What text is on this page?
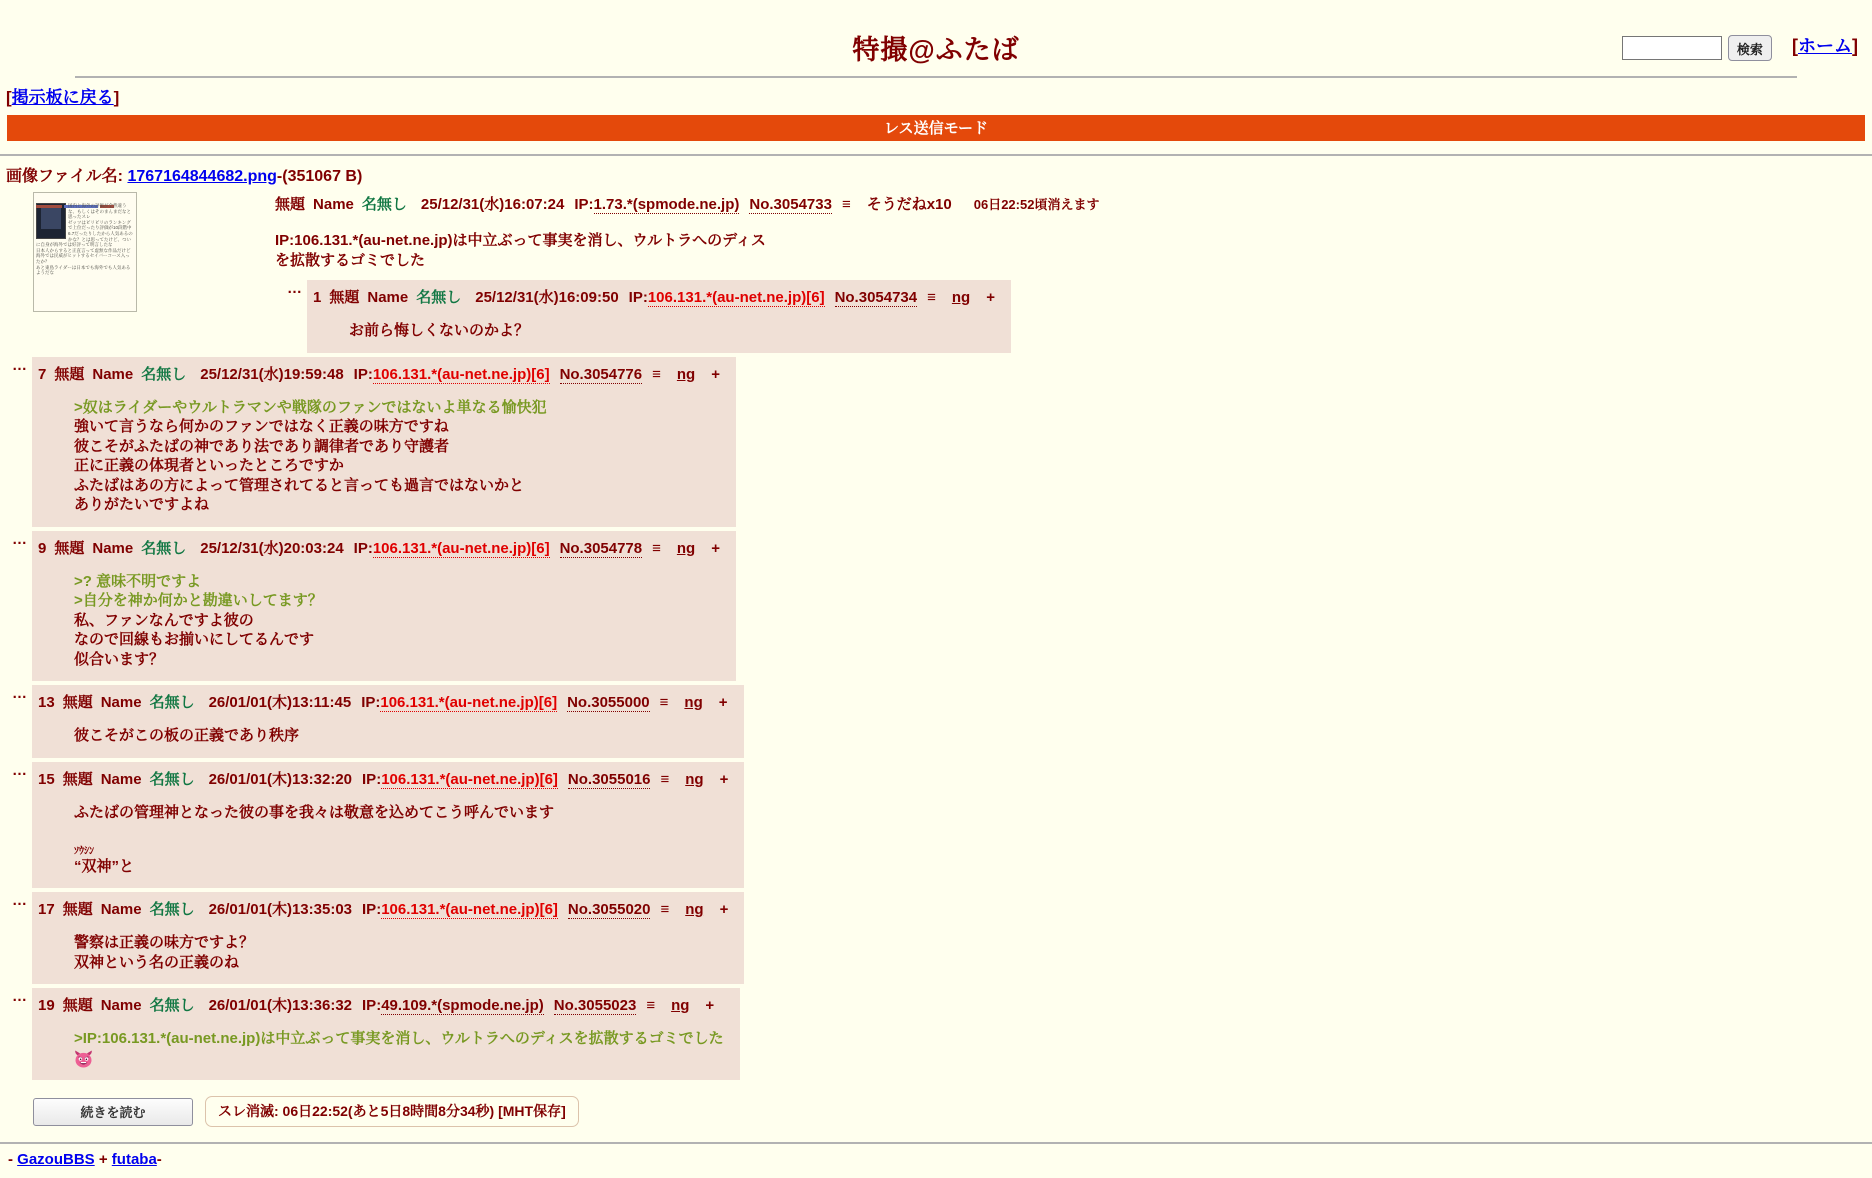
特撮@ふたば	検索 [ホーム]
[掲示板に戻る]
レス送信モード
画像ファイル名: 1767164844682.png-(351067 B)
国内と海外の評価が全然違うな、もしくはそのまんまだなと思ったスレ
ゼッツはビリビリのランキングで上位だったり評価が10段階中6.7だったりしたから人気あるのかな？とは思ってたけど、ついに自身が海外では好評って明言したな
日本人からすると正直言って虚無な作品だけど海外では民威がヒットするセイバーコース入ったか？
あと東島ライダーは日本でも海外でも人気あるようだな
無題 Name 名無し 25/12/31(水)16:07:24 IP:1.73.*(spmode.ne.jp) No.3054733 ≡ そうだねx10 06日22:52頃消えます
IP:106.131.*(au-net.ne.jp)は中立ぶって事実を消し、ウルトラへのディス
を拡散するゴミでした
…1 無題 Name 名無し 25/12/31(水)16:09:50 IP:106.131.*(au-net.ne.jp)[6] No.3054734 ≡ ng +
お前ら悔しくないのかよ？
…7 無題 Name 名無し 25/12/31(水)19:59:48 IP:106.131.*(au-net.ne.jp)[6] No.3054776 ≡ ng +
>奴はライダーやウルトラマンや戦隊のファンではないよ単なる愉快犯
強いて言うなら何かのファンではなく正義の味方ですね
彼こそがふたばの神であり法であり調律者であり守護者
正に正義の体現者といったところですか
ふたばはあの方によって管理されてると言っても過言ではないかと
ありがたいですよね
…9 無題 Name 名無し 25/12/31(水)20:03:24 IP:106.131.*(au-net.ne.jp)[6] No.3054778 ≡ ng +
>? 意味不明ですよ
>自分を神か何かと勘違いしてます？
私、ファンなんですよ彼の
なので回線もお揃いにしてるんです
似合います？
…13 無題 Name 名無し 26/01/01(木)13:11:45 IP:106.131.*(au-net.ne.jp)[6] No.3055000 ≡ ng +
彼こそがこの板の正義であり秩序
…15 無題 Name 名無し 26/01/01(木)13:32:20 IP:106.131.*(au-net.ne.jp)[6] No.3055016 ≡ ng +
ふたばの管理神となった彼の事を我々は敬意を込めてこう呼んでいます

ｿｳｼﾝ
“双神”と
…17 無題 Name 名無し 26/01/01(木)13:35:03 IP:106.131.*(au-net.ne.jp)[6] No.3055020 ≡ ng +
警察は正義の味方ですよ？
双神という名の正義のね
…19 無題 Name 名無し 26/01/01(木)13:36:32 IP:49.109.*(spmode.ne.jp) No.3055023 ≡ ng +
>IP:106.131.*(au-net.ne.jp)は中立ぶって事実を消し、ウルトラへのディスを拡散するゴミでした
続きを読む	スレ消滅: 06日22:52(あと5日8時間8分34秒) [MHT保存]
- GazouBBS + futaba-
